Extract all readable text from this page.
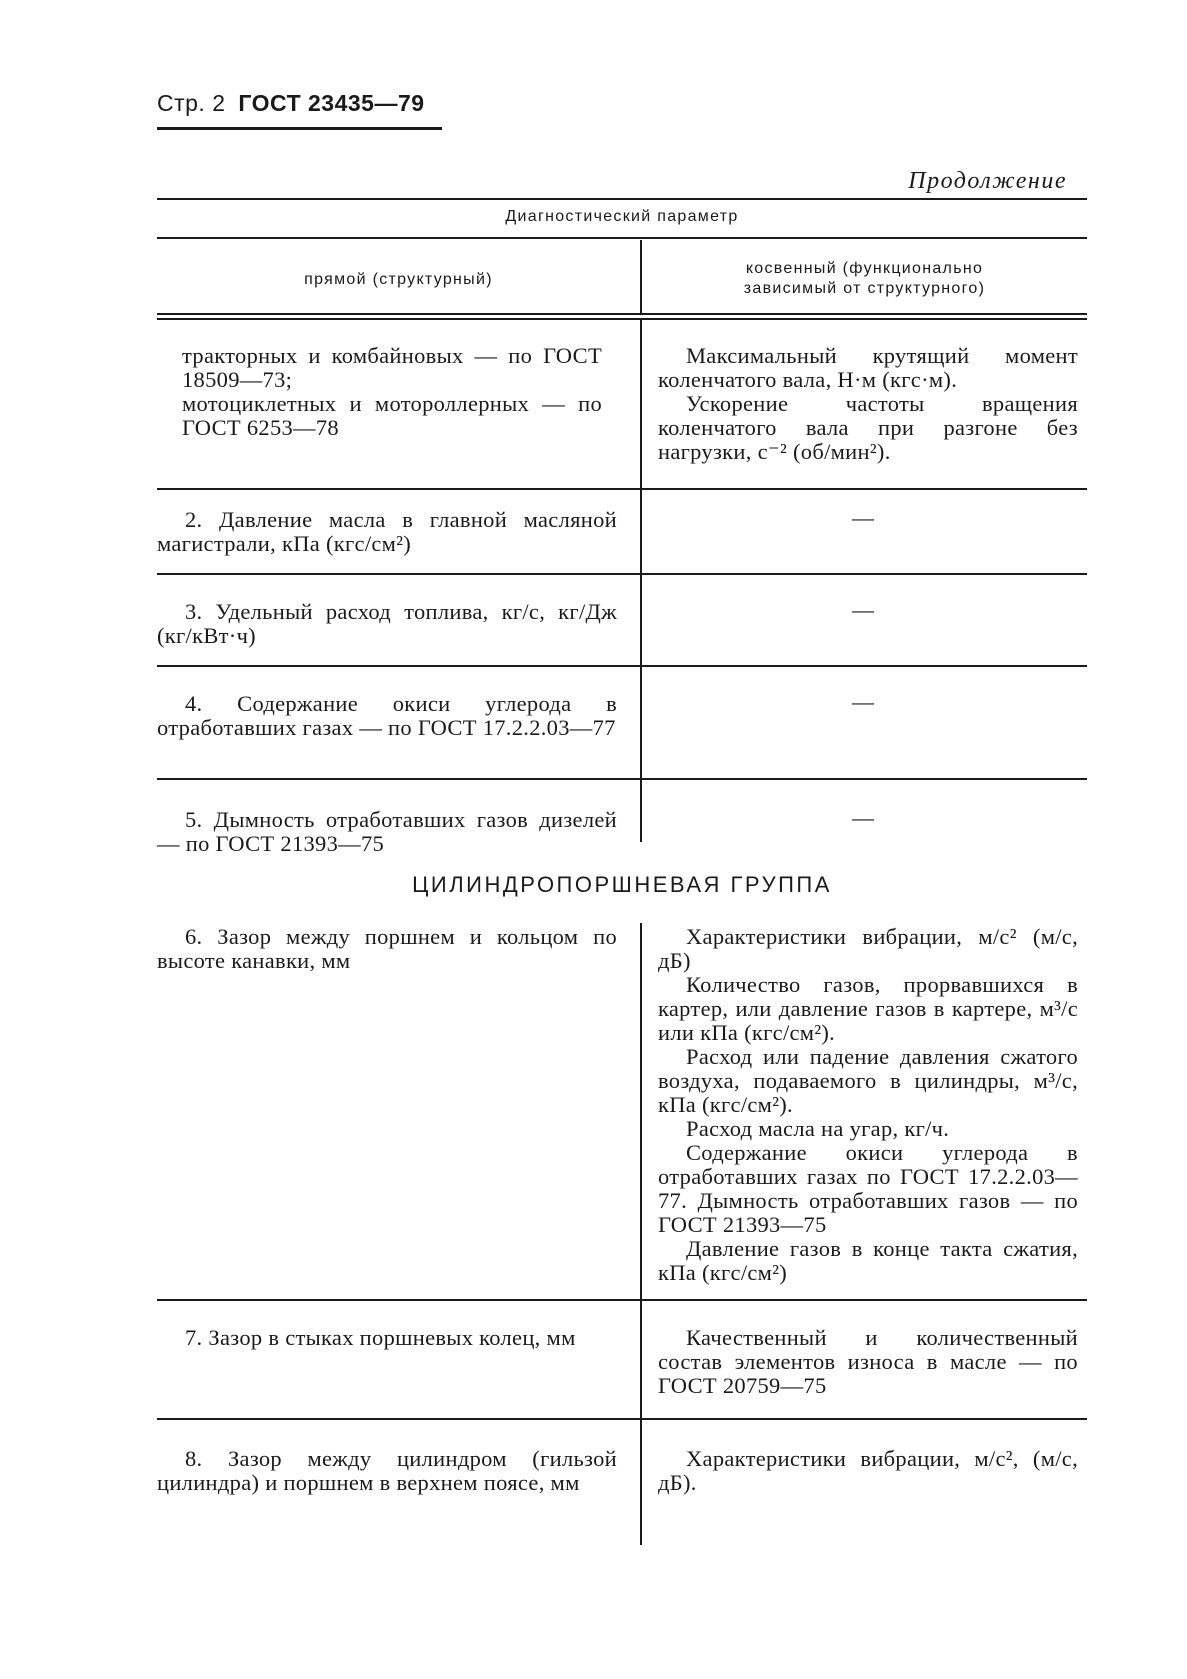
Стр. 2 ГОСТ 23435—79
Продолжение
Диагностический параметр
прямой (структурный)
косвенный (функционально
зависимый от структурного)

тракторных и комбайновых — по ГОСТ 18509—73;

мотоциклетных и мотороллерных — по ГОСТ 6253—78

Максимальный крутящий момент коленчатого вала, Н·м (кгс·м).

Ускорение частоты вращения коленчатого вала при разгоне без нагрузки, с⁻² (об/мин²).

2. Давление масла в главной масляной магистрали, кПа (кгс/см²)

—

3. Удельный расход топлива, кг/с, кг/Дж (кг/кВт·ч)

—

4. Содержание окиси углерода в отработавших газах — по ГОСТ 17.2.2.03—77

—

5. Дымность отработавших газов дизелей — по ГОСТ 21393—75

—
ЦИЛИНДРОПОРШНЕВАЯ ГРУППА

6. Зазор между поршнем и кольцом по высоте канавки, мм

Характеристики вибрации, м/с² (м/с, дБ)

Количество газов, прорвавшихся в картер, или давление газов в картере, м³/с или кПа (кгс/см²).

Расход или падение давления сжатого воздуха, подаваемого в цилиндры, м³/с, кПа (кгс/см²).

Расход масла на угар, кг/ч.

Содержание окиси углерода в отработавших газах по ГОСТ 17.2.2.03—77. Дымность отработавших газов — по ГОСТ 21393—75

Давление газов в конце такта сжатия, кПа (кгс/см²)

7. Зазор в стыках поршневых колец, мм	Качественный и количественный состав элементов износа в масле — по ГОСТ 20759—75

8. Зазор между цилиндром (гильзой цилиндра) и поршнем в верхнем поясе, мм

Характеристики вибрации, м/с², (м/с, дБ).
